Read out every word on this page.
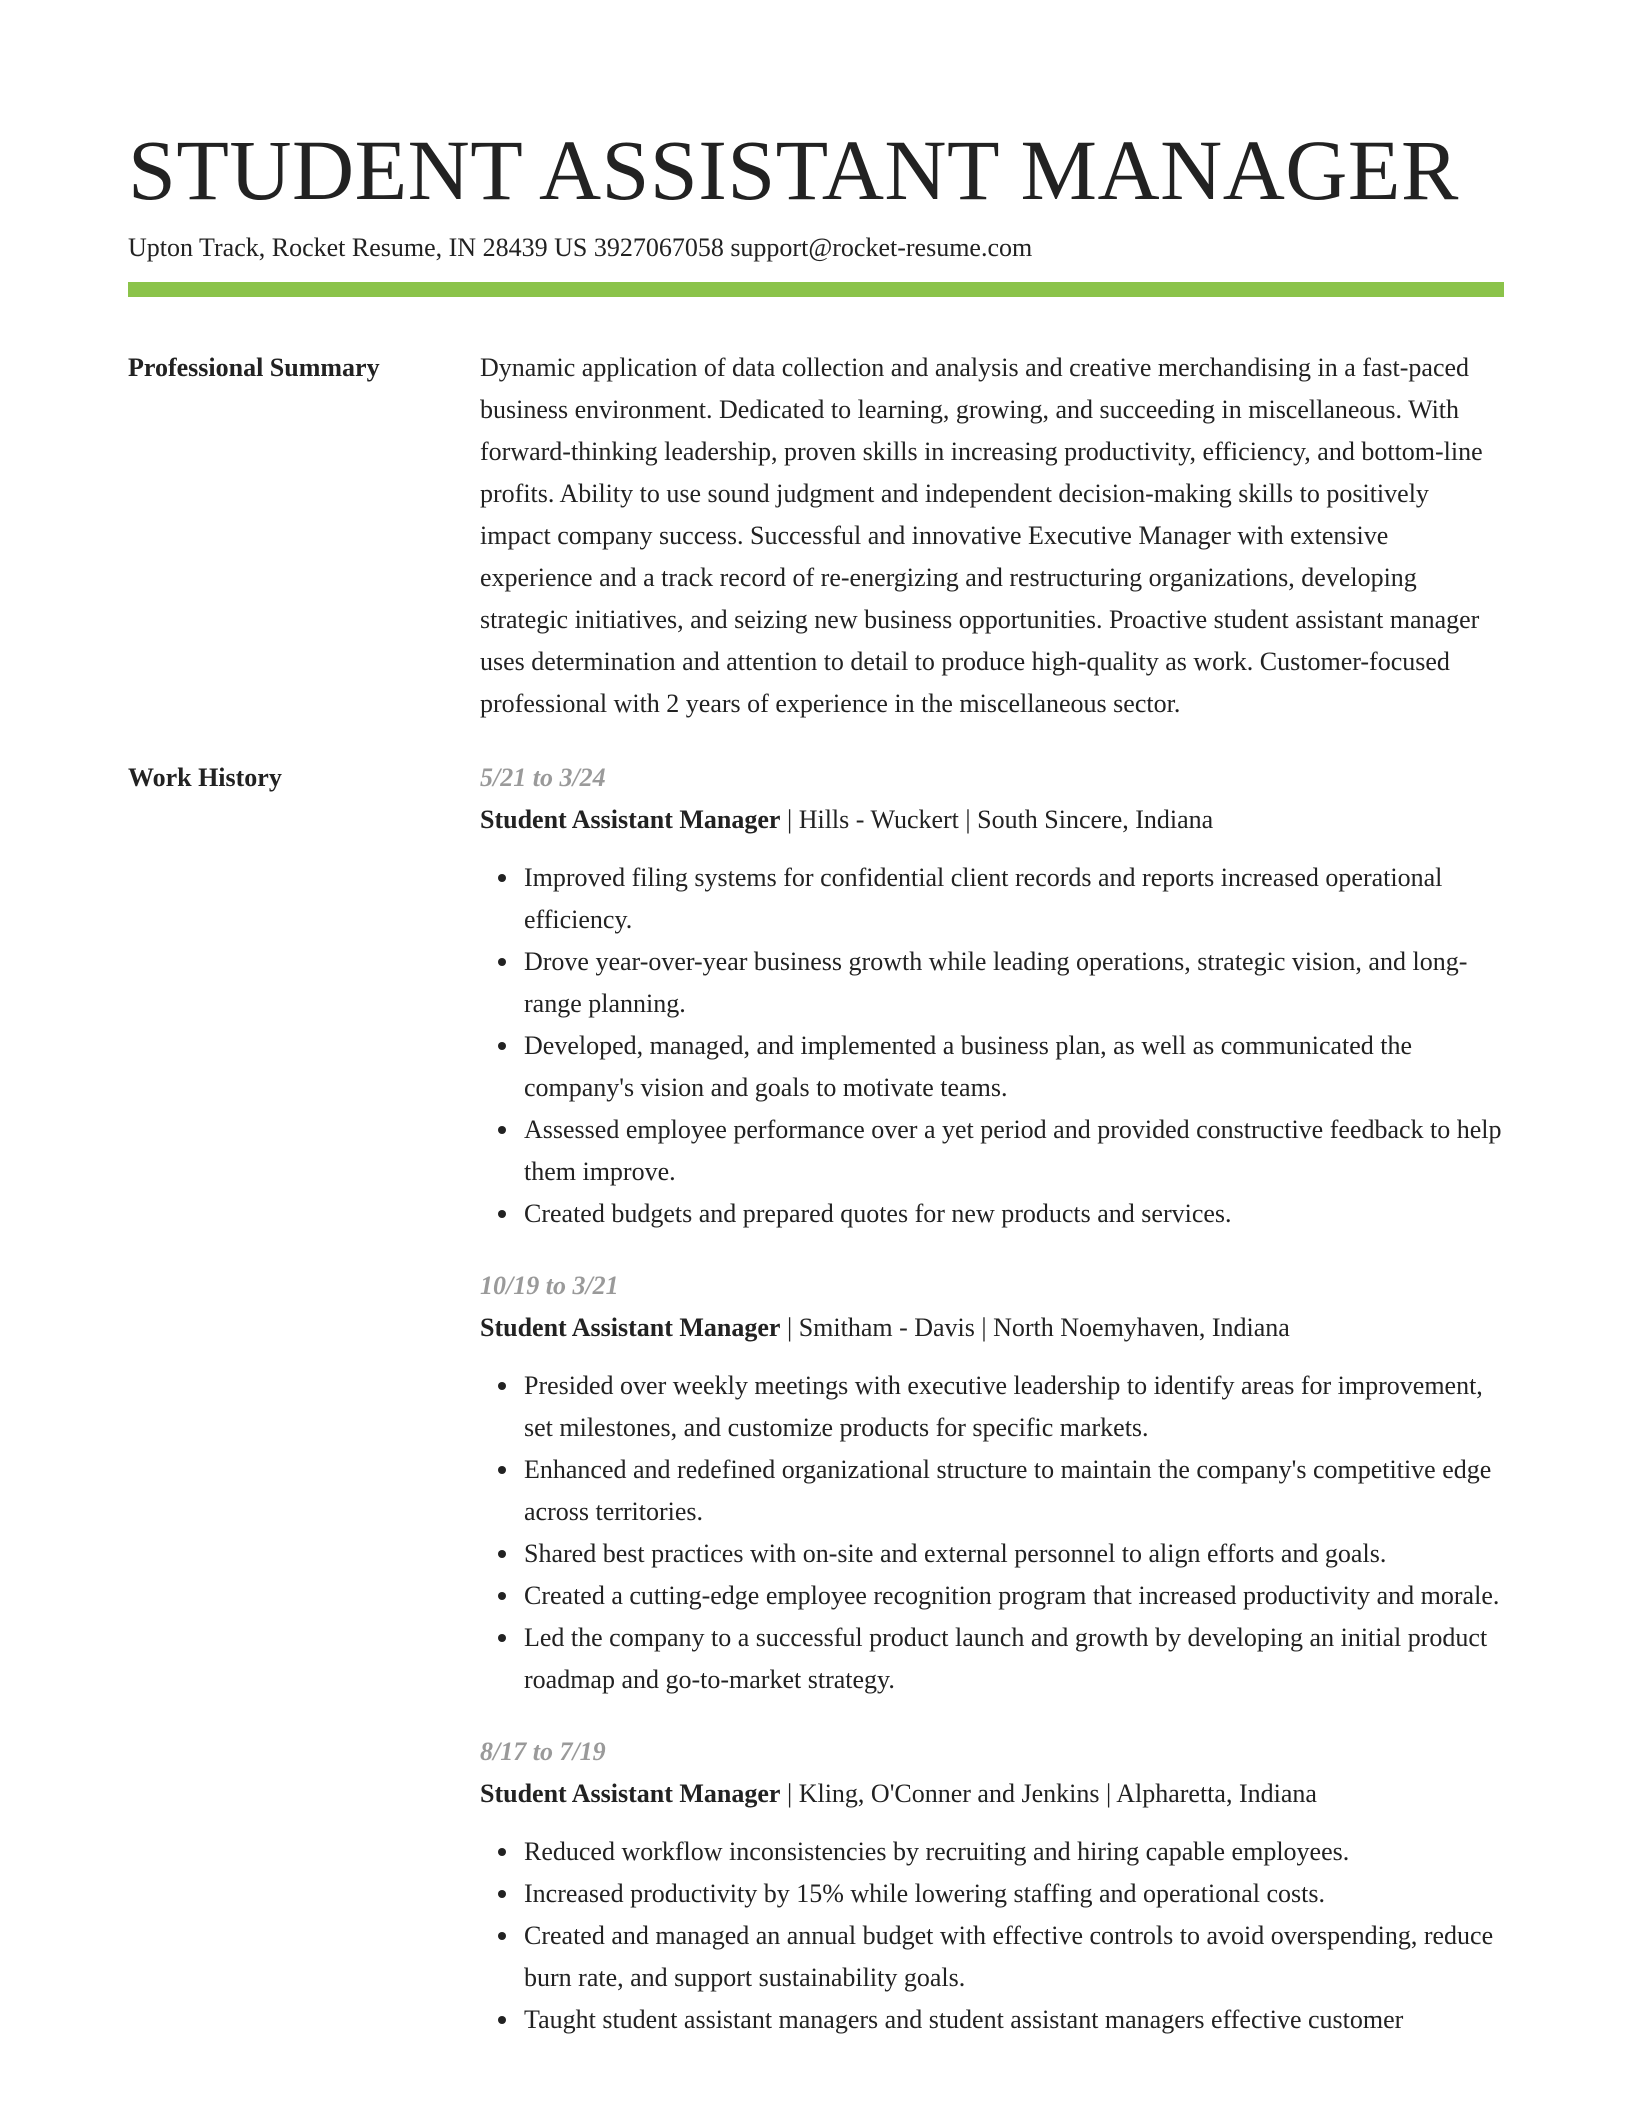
STUDENT ASSISTANT MANAGER
Upton Track, Rocket Resume, IN 28439 US 3927067058 support@rocket-resume.com
Professional Summary	Dynamic application of data collection and analysis and creative merchandising in a fast-paced business environment. Dedicated to learning, growing, and succeeding in miscellaneous. With forward-thinking leadership, proven skills in increasing productivity, efficiency, and bottom-line profits. Ability to use sound judgment and independent decision-making skills to positively impact company success. Successful and innovative Executive Manager with extensive experience and a track record of re-energizing and restructuring organizations, developing strategic initiatives, and seizing new business opportunities. Proactive student assistant manager uses determination and attention to detail to produce high-quality as work. Customer-focused professional with 2 years of experience in the miscellaneous sector.

Work History	5/21 to 3/24
Student Assistant Manager | Hills - Wuckert | South Sincere, Indiana
Improved filing systems for confidential client records and reports increased operational efficiency.
Drove year-over-year business growth while leading operations, strategic vision, and long-range planning.
Developed, managed, and implemented a business plan, as well as communicated the company's vision and goals to motivate teams.
Assessed employee performance over a yet period and provided constructive feedback to help them improve.
Created budgets and prepared quotes for new products and services.
10/19 to 3/21
Student Assistant Manager | Smitham - Davis | North Noemyhaven, Indiana
Presided over weekly meetings with executive leadership to identify areas for improvement, set milestones, and customize products for specific markets.
Enhanced and redefined organizational structure to maintain the company's competitive edge across territories.
Shared best practices with on-site and external personnel to align efforts and goals.
Created a cutting-edge employee recognition program that increased productivity and morale.
Led the company to a successful product launch and growth by developing an initial product roadmap and go-to-market strategy.
8/17 to 7/19
Student Assistant Manager | Kling, O'Conner and Jenkins | Alpharetta, Indiana
Reduced workflow inconsistencies by recruiting and hiring capable employees.
Increased productivity by 15% while lowering staffing and operational costs.
Created and managed an annual budget with effective controls to avoid overspending, reduce burn rate, and support sustainability goals.
Taught student assistant managers and student assistant managers effective customer
